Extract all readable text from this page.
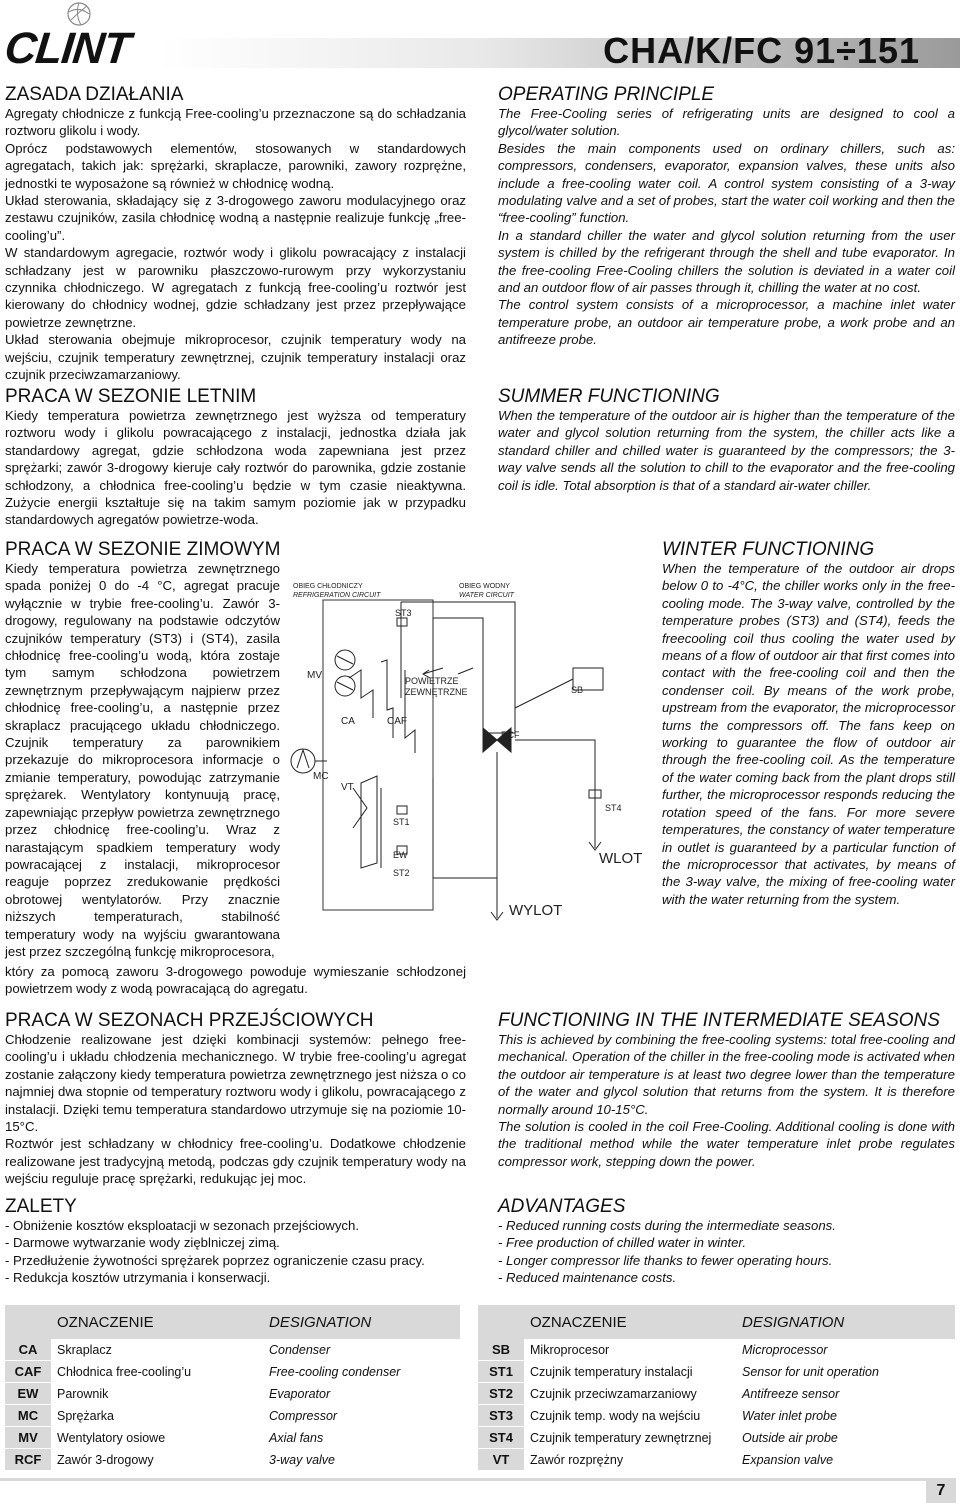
CLINT	CHA/K/FC 91÷151
ZASADA DZIAŁANIA

Agregaty chłodnicze z funkcją Free-cooling’u przeznaczone są do schładzania roztworu glikolu i wody.

Oprócz podstawowych elementów, stosowanych w standardowych agregatach, takich jak: sprężarki, skraplacze, parowniki, zawory rozprężne, jednostki te wyposażone są również w chłodnicę wodną.

Układ sterowania, składający się z 3-drogowego zaworu modulacyjnego oraz zestawu czujników, zasila chłodnicę wodną a następnie realizuje funkcję „free-cooling’u”.

W standardowym agregacie, roztwór wody i glikolu powracający z instalacji schładzany jest w parowniku płaszczowo-rurowym przy wykorzystaniu czynnika chłodniczego. W agregatach z funkcją free-cooling’u roztwór jest kierowany do chłodnicy wodnej, gdzie schładzany jest przez przepływające powietrze zewnętrzne.

Układ sterowania obejmuje mikroprocesor, czujnik temperatury wody na wejściu, czujnik temperatury zewnętrznej, czujnik temperatury instalacji oraz czujnik przeciwzamarzaniowy.

OPERATING PRINCIPLE

The Free-Cooling series of refrigerating units are designed to cool a glycol/water solution.

Besides the main components used on ordinary chillers, such as: compressors, condensers, evaporator, expansion valves, these units also include a free-cooling water coil. A control system consisting of a 3-way modulating valve and a set of probes, start the water coil working and then the “free-cooling” function.

In a standard chiller the water and glycol solution returning from the user system is chilled by the refrigerant through the shell and tube evaporator. In the free-cooling Free-Cooling chillers the solution is deviated in a water coil and an outdoor flow of air passes through it, chilling the water at no cost.

The control system consists of a microprocessor, a machine inlet water temperature probe, an outdoor air temperature probe, a work probe and an antifreeze probe.

PRACA W SEZONIE LETNIM

Kiedy temperatura powietrza zewnętrznego jest wyższa od temperatury roztworu wody i glikolu powracającego z instalacji, jednostka działa jak standardowy agregat, gdzie schłodzona woda zapewniana jest przez sprężarki; zawór 3-drogowy kieruje cały roztwór do parownika, gdzie zostanie schłodzony, a chłodnica free-cooling’u będzie w tym czasie nieaktywna. Zużycie energii kształtuje się na takim samym poziomie jak w przypadku standardowych agregatów powietrze-woda.

SUMMER FUNCTIONING

When the temperature of the outdoor air is higher than the temperature of the water and glycol solution returning from the system, the chiller acts like a standard chiller and chilled water is guaranteed by the compressors; the 3-way valve sends all the solution to chill to the evaporator and the free-cooling coil is idle. Total absorption is that of a standard air-water chiller.

PRACA W SEZONIE ZIMOWYM

Kiedy temperatura powietrza zewnętrznego spada poniżej 0 do -4 °C, agregat pracuje wyłącznie w trybie free-cooling’u. Zawór 3-drogowy, regulowany na podstawie odczytów czujników temperatury (ST3) i (ST4), zasila chłodnicę free-cooling’u wodą, która zostaje tym samym schłodzona powietrzem zewnętrznym przepływającym najpierw przez chłodnicę free-cooling’u, a następnie przez skraplacz pracującego układu chłodniczego. Czujnik temperatury za parownikiem przekazuje do mikroprocesora informacje o zmianie temperatury, powodując zatrzymanie sprężarek. Wentylatory kontynuują pracę, zapewniając przepływ powietrza zewnętrznego przez chłodnicę free-cooling’u. Wraz z narastającym spadkiem temperatury wody powracającej z instalacji, mikroprocesor reaguje poprzez zredukowanie prędkości obrotowej wentylatorów. Przy znacznie niższych temperaturach, stabilność temperatury wody na wyjściu gwarantowana jest przez szczególną funkcję mikroprocesora,

który za pomocą zaworu 3-drogowego powoduje wymieszanie schłodzonej powietrzem wody z wodą powracającą do agregatu.

WINTER FUNCTIONING

When the temperature of the outdoor air drops below 0 to -4°C, the chiller works only in the free-cooling mode. The 3-way valve, controlled by the temperature probes (ST3) and (ST4), feeds the freecooling coil thus cooling the water used by means of a flow of outdoor air that first comes into contact with the free-cooling coil and then the condenser coil. By means of the work probe, upstream from the evaporator, the microprocessor turns the compressors off. The fans keep on working to guarantee the flow of outdoor air through the free-cooling coil. As the temperature of the water coming back from the plant drops still further, the microprocessor responds reducing the rotation speed of the fans. For more severe temperatures, the constancy of water temperature in outlet is guaranteed by a particular function of the microprocessor that activates, by means of the 3-way valve, the mixing of free-cooling water with the water returning from the system.

OBIEG CHŁODNICZY
REFRIGERATION CIRCUIT
OBIEG WODNY
WATER CIRCUIT
POWIETRZE
ZEWNĘTRZNE
MV
CA	CAF
MC
VT
ST3
ST1
EW
ST2
SB
RCF
ST4
WLOT
WYLOT
PRACA W SEZONACH PRZEJŚCIOWYCH

Chłodzenie realizowane jest dzięki kombinacji systemów: pełnego free-cooling’u i układu chłodzenia mechanicznego. W trybie free-cooling’u agregat zostanie załączony kiedy temperatura powietrza zewnętrznego jest niższa o co najmniej dwa stopnie od temperatury roztworu wody i glikolu, powracającego z instalacji. Dzięki temu temperatura standardowo utrzymuje się na poziomie 10-15°C.

Roztwór jest schładzany w chłodnicy free-cooling’u. Dodatkowe chłodzenie realizowane jest tradycyjną metodą, podczas gdy czujnik temperatury wody na wejściu reguluje pracę sprężarki, redukując jej moc.

FUNCTIONING IN THE INTERMEDIATE SEASONS

This is achieved by combining the free-cooling systems: total free-cooling and mechanical. Operation of the chiller in the free-cooling mode is activated when the outdoor air temperature is at least two degree lower than the temperature of the water and glycol solution that returns from the system. It is therefore normally around 10-15°C.

The solution is cooled in the coil Free-Cooling. Additional cooling is done with the traditional method while the water temperature inlet probe regulates compressor work, stepping down the power.

ZALETY

- Obniżenie kosztów eksploatacji w sezonach przejściowych.

- Darmowe wytwarzanie wody zięblniczej zimą.

- Przedłużenie żywotności sprężarek poprzez ograniczenie czasu pracy.

- Redukcja kosztów utrzymania i konserwacji.

ADVANTAGES

- Reduced running costs during the intermediate seasons.

- Free production of chilled water in winter.

- Longer compressor life thanks to fewer operating hours.

- Reduced maintenance costs.

	OZNACZENIE	DESIGNATION
CA	Skraplacz	Condenser
CAF	Chłodnica free-cooling’u	Free-cooling condenser
EW	Parownik	Evaporator
MC	Sprężarka	Compressor
MV	Wentylatory osiowe	Axial fans
RCF	Zawór 3-drogowy	3-way valve
	OZNACZENIE	DESIGNATION
SB	Mikroprocesor	Microprocessor
ST1	Czujnik temperatury instalacji	Sensor for unit operation
ST2	Czujnik przeciwzamarzaniowy	Antifreeze sensor
ST3	Czujnik temp. wody na wejściu	Water inlet probe
ST4	Czujnik temperatury zewnętrznej	Outside air probe
VT	Zawór rozprężny	Expansion valve
7
